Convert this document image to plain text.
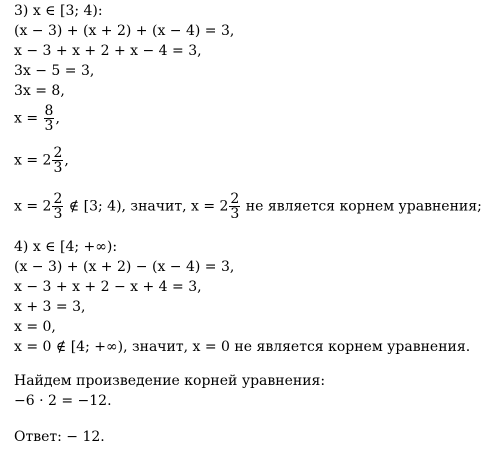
3) x ∈ [3; 4):
(x − 3) + (x + 2) + (x − 4) = 3,
x − 3 + x + 2 + x − 4 = 3,
3x − 5 = 3,
3x = 8,
$x = \frac{8}{3}$ ,
$x = 2 \frac{2}{3}$ ,
$x = 2 \frac{2}{3}$ ∉ [3; 4), значит, $x = 2 \frac{2}{3}$ не является корнем уравнения;
4) x ∈ [4; +∞):
(x − 3) + (x + 2) − (x − 4) = 3,
x − 3 + x + 2 − x + 4 = 3,
x + 3 = 3,
x = 0,
x = 0 ∉ [4; +∞), значит, x = 0 не является корнем уравнения.
Найдем произведение корней уравнения:
−6 · 2 = −12.
Ответ: − 12.
